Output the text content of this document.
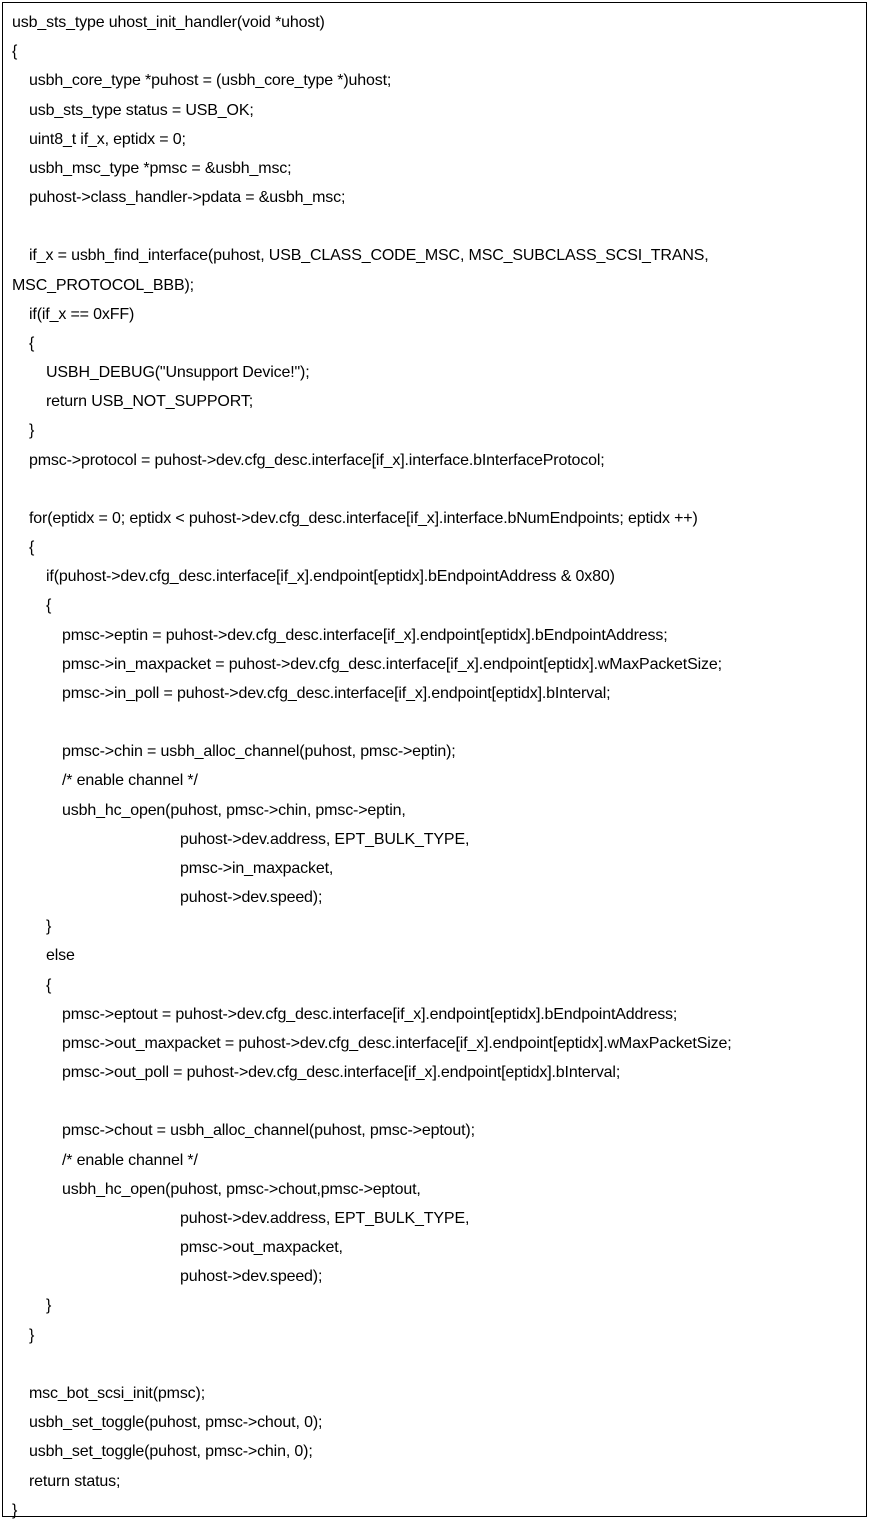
usb_sts_type uhost_init_handler(void *uhost)
{
usbh_core_type *puhost = (usbh_core_type *)uhost;
usb_sts_type status = USB_OK;
uint8_t if_x, eptidx = 0;
usbh_msc_type *pmsc = &usbh_msc;
puhost->class_handler->pdata = &usbh_msc;
if_x = usbh_find_interface(puhost, USB_CLASS_CODE_MSC, MSC_SUBCLASS_SCSI_TRANS,
MSC_PROTOCOL_BBB);
if(if_x == 0xFF)
{
USBH_DEBUG("Unsupport Device!");
return USB_NOT_SUPPORT;
}
pmsc->protocol = puhost->dev.cfg_desc.interface[if_x].interface.bInterfaceProtocol;
for(eptidx = 0; eptidx < puhost->dev.cfg_desc.interface[if_x].interface.bNumEndpoints; eptidx ++)
{
if(puhost->dev.cfg_desc.interface[if_x].endpoint[eptidx].bEndpointAddress & 0x80)
{
pmsc->eptin = puhost->dev.cfg_desc.interface[if_x].endpoint[eptidx].bEndpointAddress;
pmsc->in_maxpacket = puhost->dev.cfg_desc.interface[if_x].endpoint[eptidx].wMaxPacketSize;
pmsc->in_poll = puhost->dev.cfg_desc.interface[if_x].endpoint[eptidx].bInterval;
pmsc->chin = usbh_alloc_channel(puhost, pmsc->eptin);
/* enable channel */
usbh_hc_open(puhost, pmsc->chin, pmsc->eptin,
puhost->dev.address, EPT_BULK_TYPE,
pmsc->in_maxpacket,
puhost->dev.speed);
}
else
{
pmsc->eptout = puhost->dev.cfg_desc.interface[if_x].endpoint[eptidx].bEndpointAddress;
pmsc->out_maxpacket = puhost->dev.cfg_desc.interface[if_x].endpoint[eptidx].wMaxPacketSize;
pmsc->out_poll = puhost->dev.cfg_desc.interface[if_x].endpoint[eptidx].bInterval;
pmsc->chout = usbh_alloc_channel(puhost, pmsc->eptout);
/* enable channel */
usbh_hc_open(puhost, pmsc->chout,pmsc->eptout,
puhost->dev.address, EPT_BULK_TYPE,
pmsc->out_maxpacket,
puhost->dev.speed);
}
}
msc_bot_scsi_init(pmsc);
usbh_set_toggle(puhost, pmsc->chout, 0);
usbh_set_toggle(puhost, pmsc->chin, 0);
return status;
}
